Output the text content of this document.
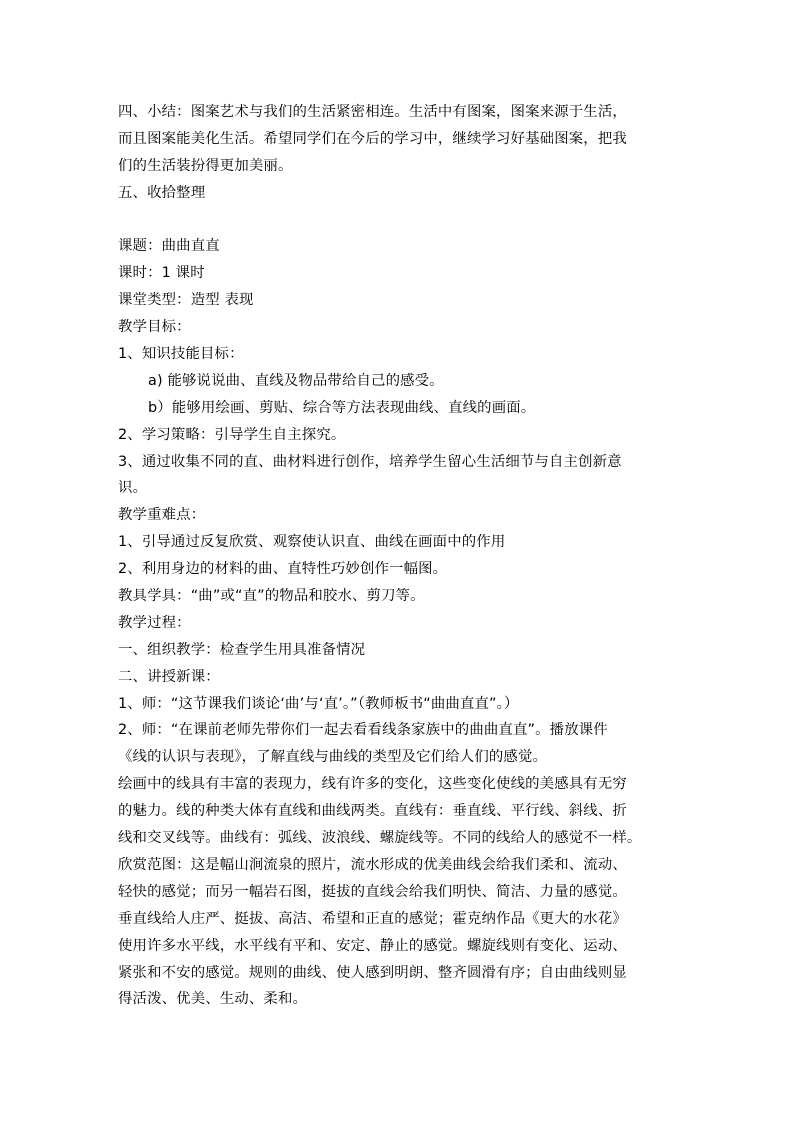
四、小结：图案艺术与我们的生活紧密相连。生活中有图案，图案来源于生活，
而且图案能美化生活。希望同学们在今后的学习中，继续学习好基础图案，把我
们的生活装扮得更加美丽。
五、收拾整理
课题：曲曲直直
课时：1 课时
课堂类型：造型 表现
教学目标：
1、知识技能目标：
a) 能够说说曲、直线及物品带给自己的感受。
b）能够用绘画、剪贴、综合等方法表现曲线、直线的画面。
2、学习策略：引导学生自主探究。
3、通过收集不同的直、曲材料进行创作，培养学生留心生活细节与自主创新意
识。
教学重难点：
1、引导通过反复欣赏、观察使认识直、曲线在画面中的作用
2、利用身边的材料的曲、直特性巧妙创作一幅图。
教具学具：“曲”或“直”的物品和胶水、剪刀等。
教学过程：
一、组织教学：检查学生用具准备情况
二、讲授新课：
1、师：“这节课我们谈论‘曲’与‘直’。”（教师板书“曲曲直直”。）
2、师：“在课前老师先带你们一起去看看线条家族中的曲曲直直”。播放课件
《线的认识与表现》，了解直线与曲线的类型及它们给人们的感觉。
绘画中的线具有丰富的表现力，线有许多的变化，这些变化使线的美感具有无穷
的魅力。线的种类大体有直线和曲线两类。直线有：垂直线、平行线、斜线、折
线和交叉线等。曲线有：弧线、波浪线、螺旋线等。不同的线给人的感觉不一样。
欣赏范图：这是幅山涧流泉的照片，流水形成的优美曲线会给我们柔和、流动、
轻快的感觉；而另一幅岩石图，挺拔的直线会给我们明快、简洁、力量的感觉。
垂直线给人庄严、挺拔、高洁、希望和正直的感觉；霍克纳作品《更大的水花》
使用许多水平线，水平线有平和、安定、静止的感觉。螺旋线则有变化、运动、
紧张和不安的感觉。规则的曲线、使人感到明朗、整齐圆滑有序；自由曲线则显
得活泼、优美、生动、柔和。
